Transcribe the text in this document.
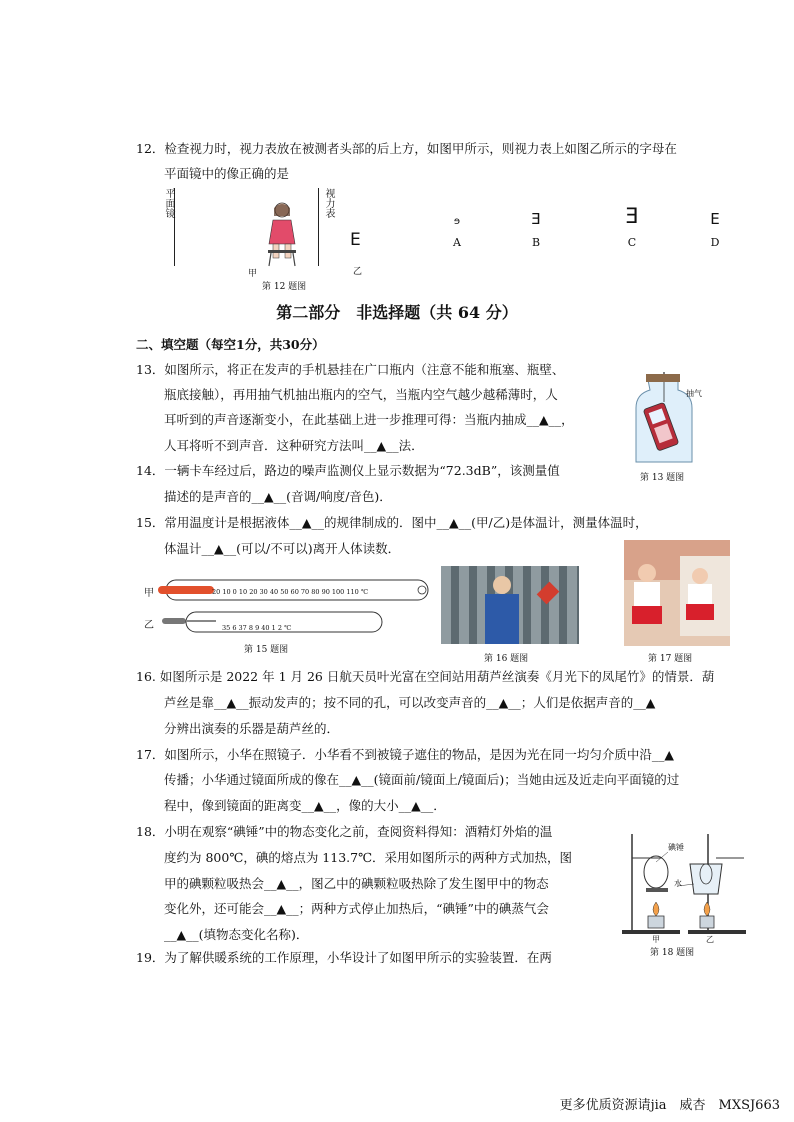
12．检查视力时，视力表放在被测者头部的后上方，如图甲所示，则视力表上如图乙所示的字母在
平面镜中的像正确的是
平面镜
甲
视力表
E
乙
ɘ
A
Ǝ
B
Ǝ
C
E
D
第 12 题图
第二部分　非选择题（共 64 分）
二、填空题（每空1分，共30分）
13．如图所示，将正在发声的手机悬挂在广口瓶内（注意不能和瓶塞、瓶壁、
瓶底接触），再用抽气机抽出瓶内的空气，当瓶内空气越少越稀薄时，人
耳听到的声音逐渐变小，在此基础上进一步推理可得：当瓶内抽成__▲__，
人耳将听不到声音．这种研究方法叫__▲__法．
抽气
第 13 题图
14．一辆卡车经过后，路边的噪声监测仪上显示数据为“72.3dB”，该测量值
描述的是声音的__▲__(音调/响度/音色)．
15．常用温度计是根据液体__▲__的规律制成的．图中__▲__(甲/乙)是体温计，测量体温时，
体温计__▲__(可以/不可以)离开人体读数．
甲	20 10 0 10 20 30 40 50 60 70 80 90 100 110 ℃
乙	35 6 37 8 9 40 1 2 ℃
第 15 题图
第 16 题图	第 17 题图
16. 如图所示是 2022 年 1 月 26 日航天员叶光富在空间站用葫芦丝演奏《月光下的凤尾竹》的情景．葫
芦丝是靠__▲__振动发声的；按不同的孔，可以改变声音的__▲__；人们是依据声音的__▲
分辨出演奏的乐器是葫芦丝的．
17．如图所示，小华在照镜子．小华看不到被镜子遮住的物品，是因为光在同一均匀介质中沿__▲
传播；小华通过镜面所成的像在__▲__(镜面前/镜面上/镜面后)；当她由远及近走向平面镜的过
程中，像到镜面的距离变__▲__，像的大小__▲__．
18．小明在观察“碘锤”中的物态变化之前，查阅资料得知：酒精灯外焰的温
度约为 800℃，碘的熔点为 113.7℃．采用如图所示的两种方式加热，图
甲的碘颗粒吸热会__▲__，图乙中的碘颗粒吸热除了发生图甲中的物态
变化外，还可能会__▲__；两种方式停止加热后，“碘锤”中的碘蒸气会
__▲__(填物态变化名称)．
碘锤
水
甲	乙
第 18 题图
19．为了解供暖系统的工作原理，小华设计了如图甲所示的实验装置．在两
更多优质资源请jia　威杏　MXSJ663
